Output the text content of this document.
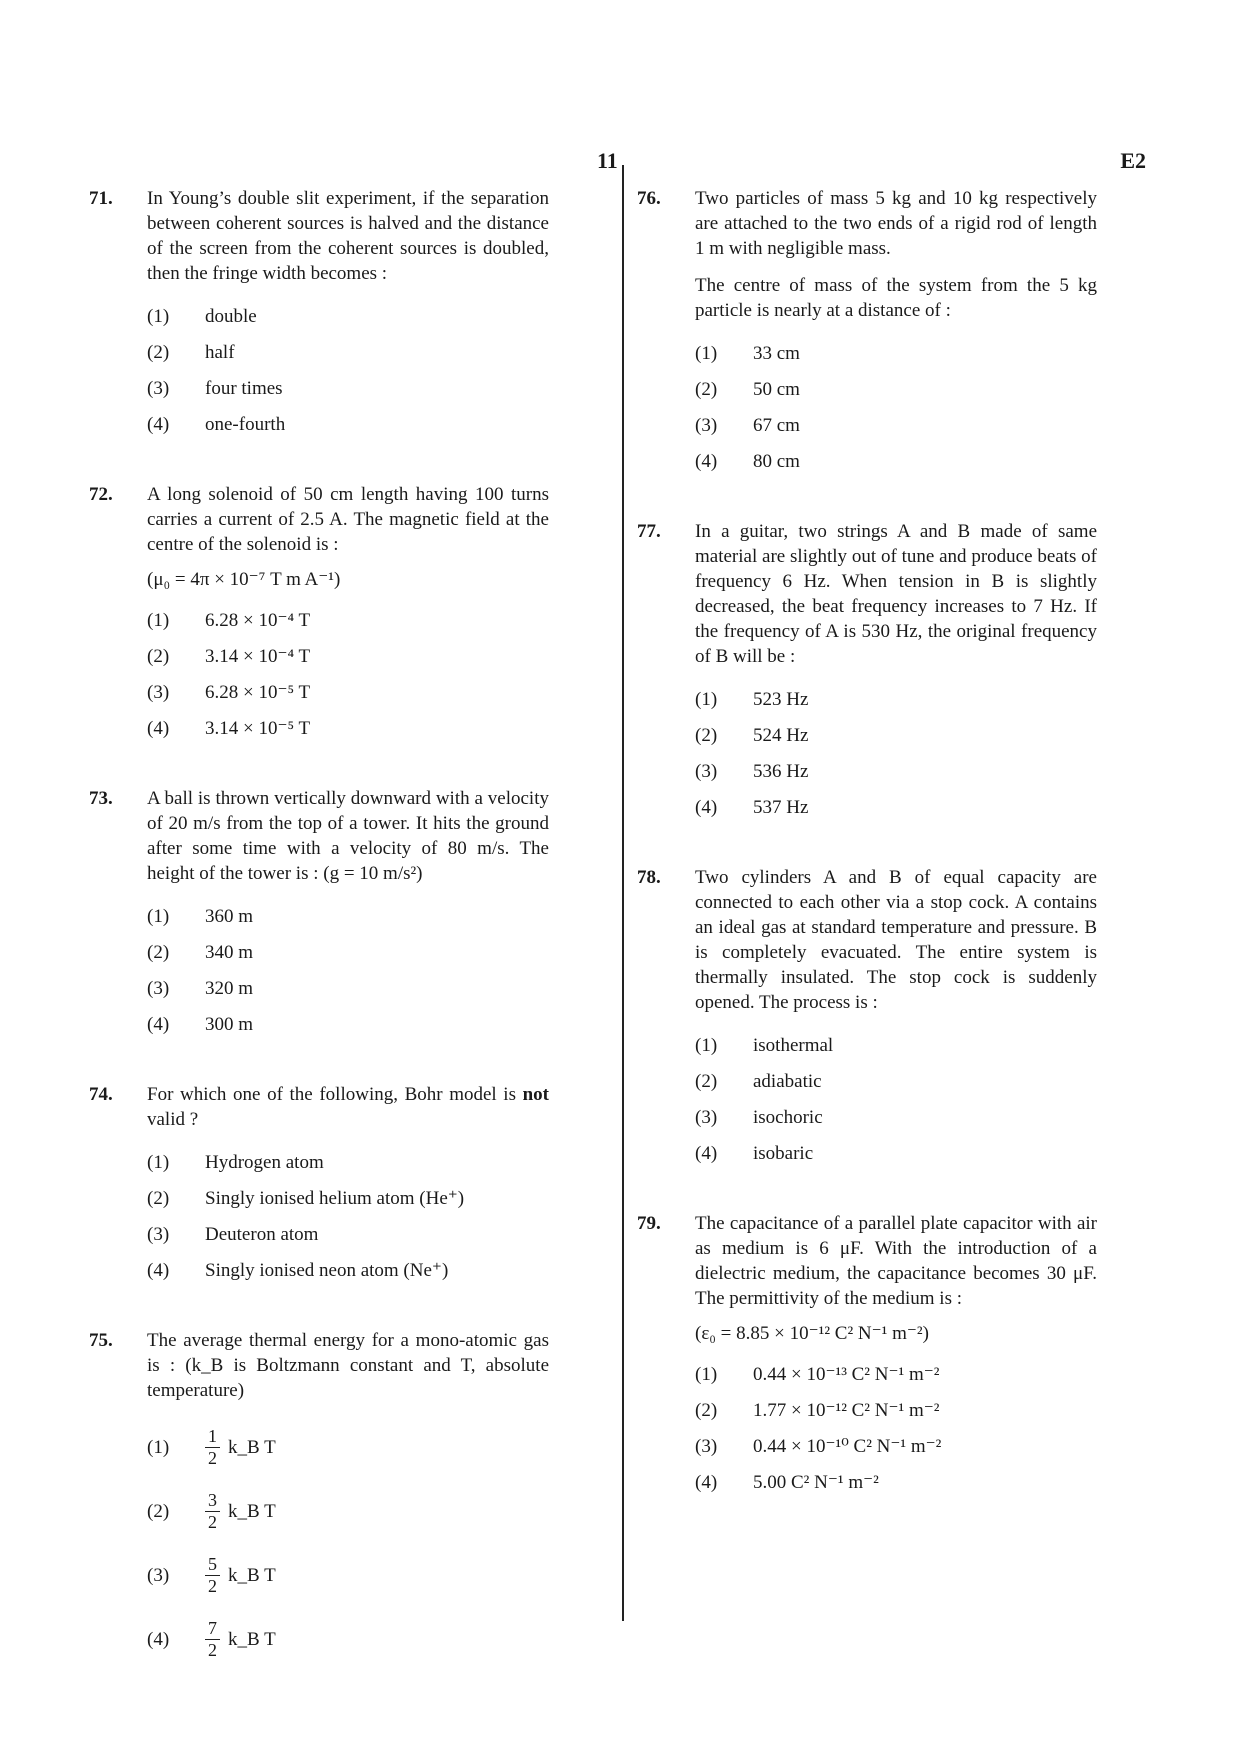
11	E2
71. In Young’s double slit experiment, if the separation between coherent sources is halved and the distance of the screen from the coherent sources is doubled, then the fringe width becomes :
(1)	double
(2)	half
(3)	four times
(4)	one-fourth
72. A long solenoid of 50 cm length having 100 turns carries a current of 2.5 A. The magnetic field at the centre of the solenoid is :
(μ₀ = 4π × 10⁻⁷ T m A⁻¹)
(1)	6.28 × 10⁻⁴ T
(2)	3.14 × 10⁻⁴ T
(3)	6.28 × 10⁻⁵ T
(4)	3.14 × 10⁻⁵ T
73. A ball is thrown vertically downward with a velocity of 20 m/s from the top of a tower. It hits the ground after some time with a velocity of 80 m/s. The height of the tower is : (g = 10 m/s²)
(1)	360 m
(2)	340 m
(3)	320 m
(4)	300 m
74. For which one of the following, Bohr model is not valid ?
(1)	Hydrogen atom
(2)	Singly ionised helium atom (He⁺)
(3)	Deuteron atom
(4)	Singly ionised neon atom (Ne⁺)
75. The average thermal energy for a mono-atomic gas is : (k_B is Boltzmann constant and T, absolute temperature)
(1)	$\frac{1}{2}$ k_B T
(2)	$\frac{3}{2}$ k_B T
(3)	$\frac{5}{2}$ k_B T
(4)	$\frac{7}{2}$ k_B T
76. Two particles of mass 5 kg and 10 kg respectively are attached to the two ends of a rigid rod of length 1 m with negligible mass.
The centre of mass of the system from the 5 kg particle is nearly at a distance of :
(1)	33 cm
(2)	50 cm
(3)	67 cm
(4)	80 cm
77. In a guitar, two strings A and B made of same material are slightly out of tune and produce beats of frequency 6 Hz. When tension in B is slightly decreased, the beat frequency increases to 7 Hz. If the frequency of A is 530 Hz, the original frequency of B will be :
(1)	523 Hz
(2)	524 Hz
(3)	536 Hz
(4)	537 Hz
78. Two cylinders A and B of equal capacity are connected to each other via a stop cock. A contains an ideal gas at standard temperature and pressure. B is completely evacuated. The entire system is thermally insulated. The stop cock is suddenly opened. The process is :
(1)	isothermal
(2)	adiabatic
(3)	isochoric
(4)	isobaric
79. The capacitance of a parallel plate capacitor with air as medium is 6 μF. With the introduction of a dielectric medium, the capacitance becomes 30 μF. The permittivity of the medium is :
(ε₀ = 8.85 × 10⁻¹² C² N⁻¹ m⁻²)
(1)	0.44 × 10⁻¹³ C² N⁻¹ m⁻²
(2)	1.77 × 10⁻¹² C² N⁻¹ m⁻²
(3)	0.44 × 10⁻¹⁰ C² N⁻¹ m⁻²
(4)	5.00 C² N⁻¹ m⁻²
